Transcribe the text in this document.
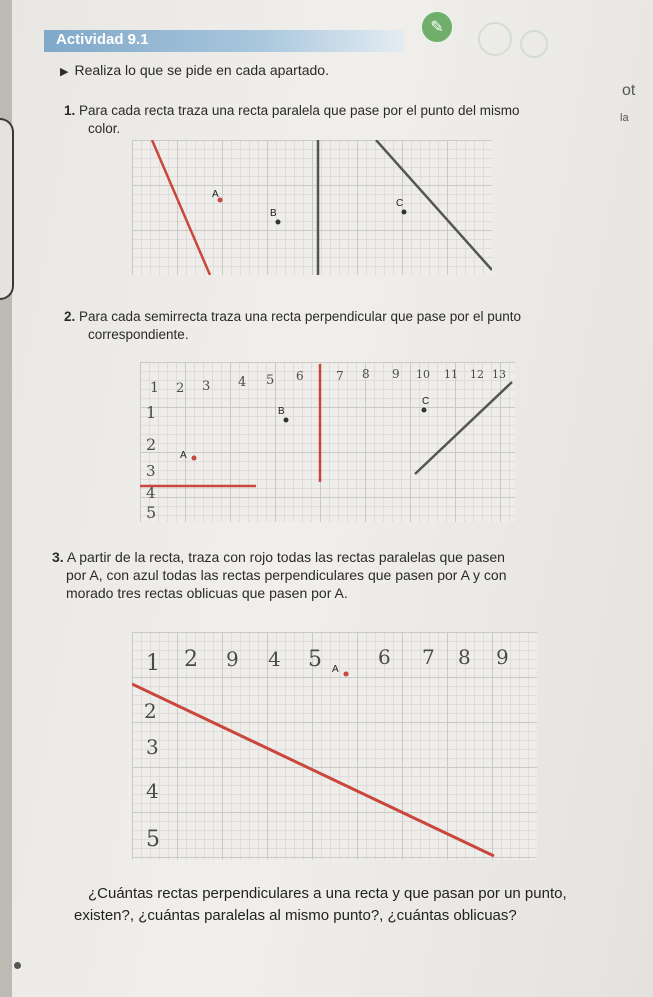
Actividad 9.1
✎
▶ Realiza lo que se pide en cada apartado.
ot
la
1. Para cada recta traza una recta paralela que pase por el punto del mismo
color.
A
B
C
2. Para cada semirrecta traza una recta perpendicular que pase por el punto
correspondiente.
A
B
C
1 2 3 4 5 6	7 8 9 10 11 12 13
1
2
3
4
5
3. A partir de la recta, traza con rojo todas las rectas paralelas que pasen
por A, con azul todas las rectas perpendiculares que pasen por A y con
morado tres rectas oblicuas que pasen por A.
A
1 2 9 4 5	6 7 8 9
2
3
4
5
¿Cuántas rectas perpendiculares a una recta y que pasan por un punto,
existen?, ¿cuántas paralelas al mismo punto?, ¿cuántas oblicuas?
